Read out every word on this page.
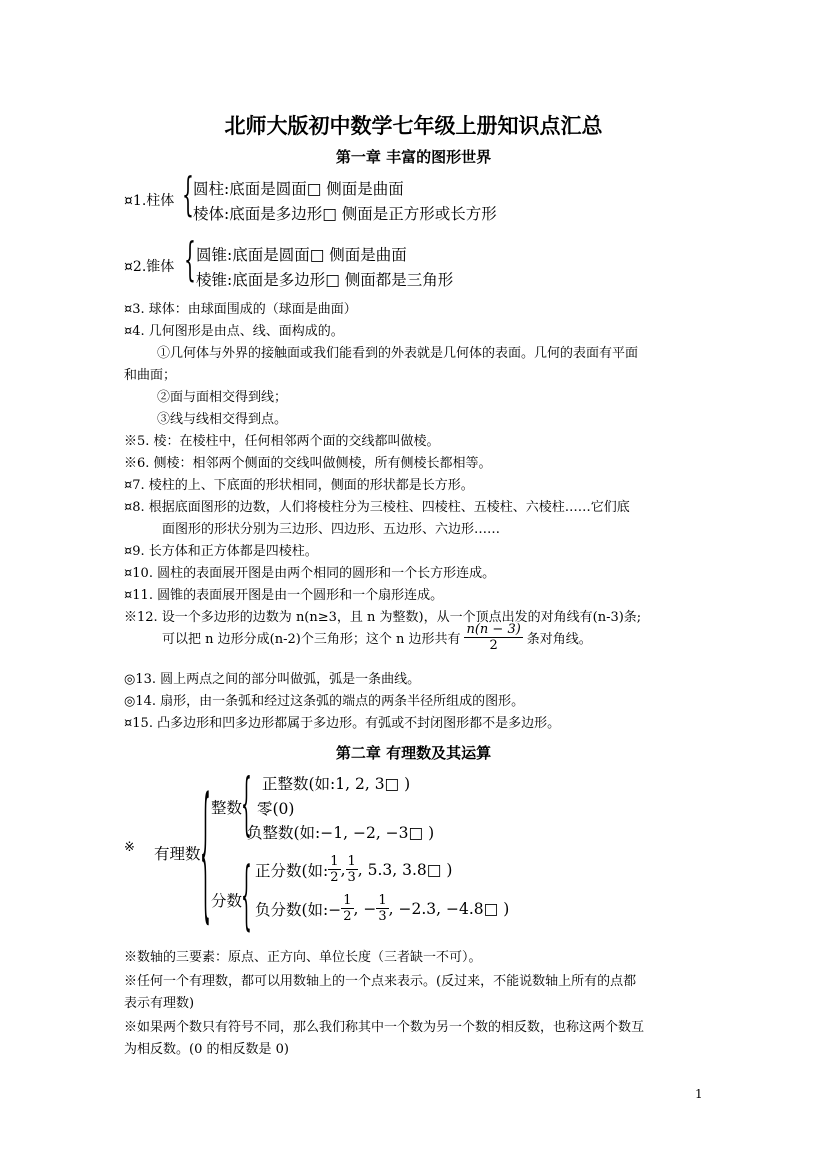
北师大版初中数学七年级上册知识点汇总
第一章 丰富的图形世界
¤1.柱体 { 圆柱:底面是圆面□ 侧面是曲面
棱体:底面是多边形□ 侧面是正方形或长方形
¤2.锥体 { 圆锥:底面是圆面□ 侧面是曲面
棱锥:底面是多边形□ 侧面都是三角形
¤3. 球体：由球面围成的（球面是曲面）
¤4. 几何图形是由点、线、面构成的。
①几何体与外界的接触面或我们能看到的外表就是几何体的表面。几何的表面有平面
和曲面；
②面与面相交得到线；
③线与线相交得到点。
※5. 棱：在棱柱中，任何相邻两个面的交线都叫做棱。
※6. 侧棱：相邻两个侧面的交线叫做侧棱，所有侧棱长都相等。
¤7. 棱柱的上、下底面的形状相同，侧面的形状都是长方形。
¤8. 根据底面图形的边数，人们将棱柱分为三棱柱、四棱柱、五棱柱、六棱柱……它们底
面图形的形状分别为三边形、四边形、五边形、六边形……
¤9. 长方体和正方体都是四棱柱。
¤10. 圆柱的表面展开图是由两个相同的圆形和一个长方形连成。
¤11. 圆锥的表面展开图是由一个圆形和一个扇形连成。
※12. 设一个多边形的边数为 n(n≥3，且 n 为整数)，从一个顶点出发的对角线有(n-3)条;
可以把 n 边形分成(n-2)个三角形；这个 n 边形共有 $\frac{n(n - 3)}{2}$ 条对角线。
◎13. 圆上两点之间的部分叫做弧，弧是一条曲线。
◎14. 扇形，由一条弧和经过这条弧的端点的两条半径所组成的图形。
¤15. 凸多边形和凹多边形都属于多边形。有弧或不封闭图形都不是多边形。
第二章 有理数及其运算
※ 有理数 { 整数
{ 正整数(如:1, 2, 3□ )
零(0)
负整数(如:−1, −2, −3□ )
分数
{ 正分数(如: $\frac{1}{2}$ , $\frac{1}{3}$ , 5.3, 3.8□ )
负分数(如:− $\frac{1}{2}$ , − $\frac{1}{3}$ , −2.3, −4.8□ )
※数轴的三要素：原点、正方向、单位长度（三者缺一不可）。
※任何一个有理数，都可以用数轴上的一个点来表示。(反过来，不能说数轴上所有的点都
表示有理数)
※如果两个数只有符号不同，那么我们称其中一个数为另一个数的相反数，也称这两个数互
为相反数。(0 的相反数是 0)
1
